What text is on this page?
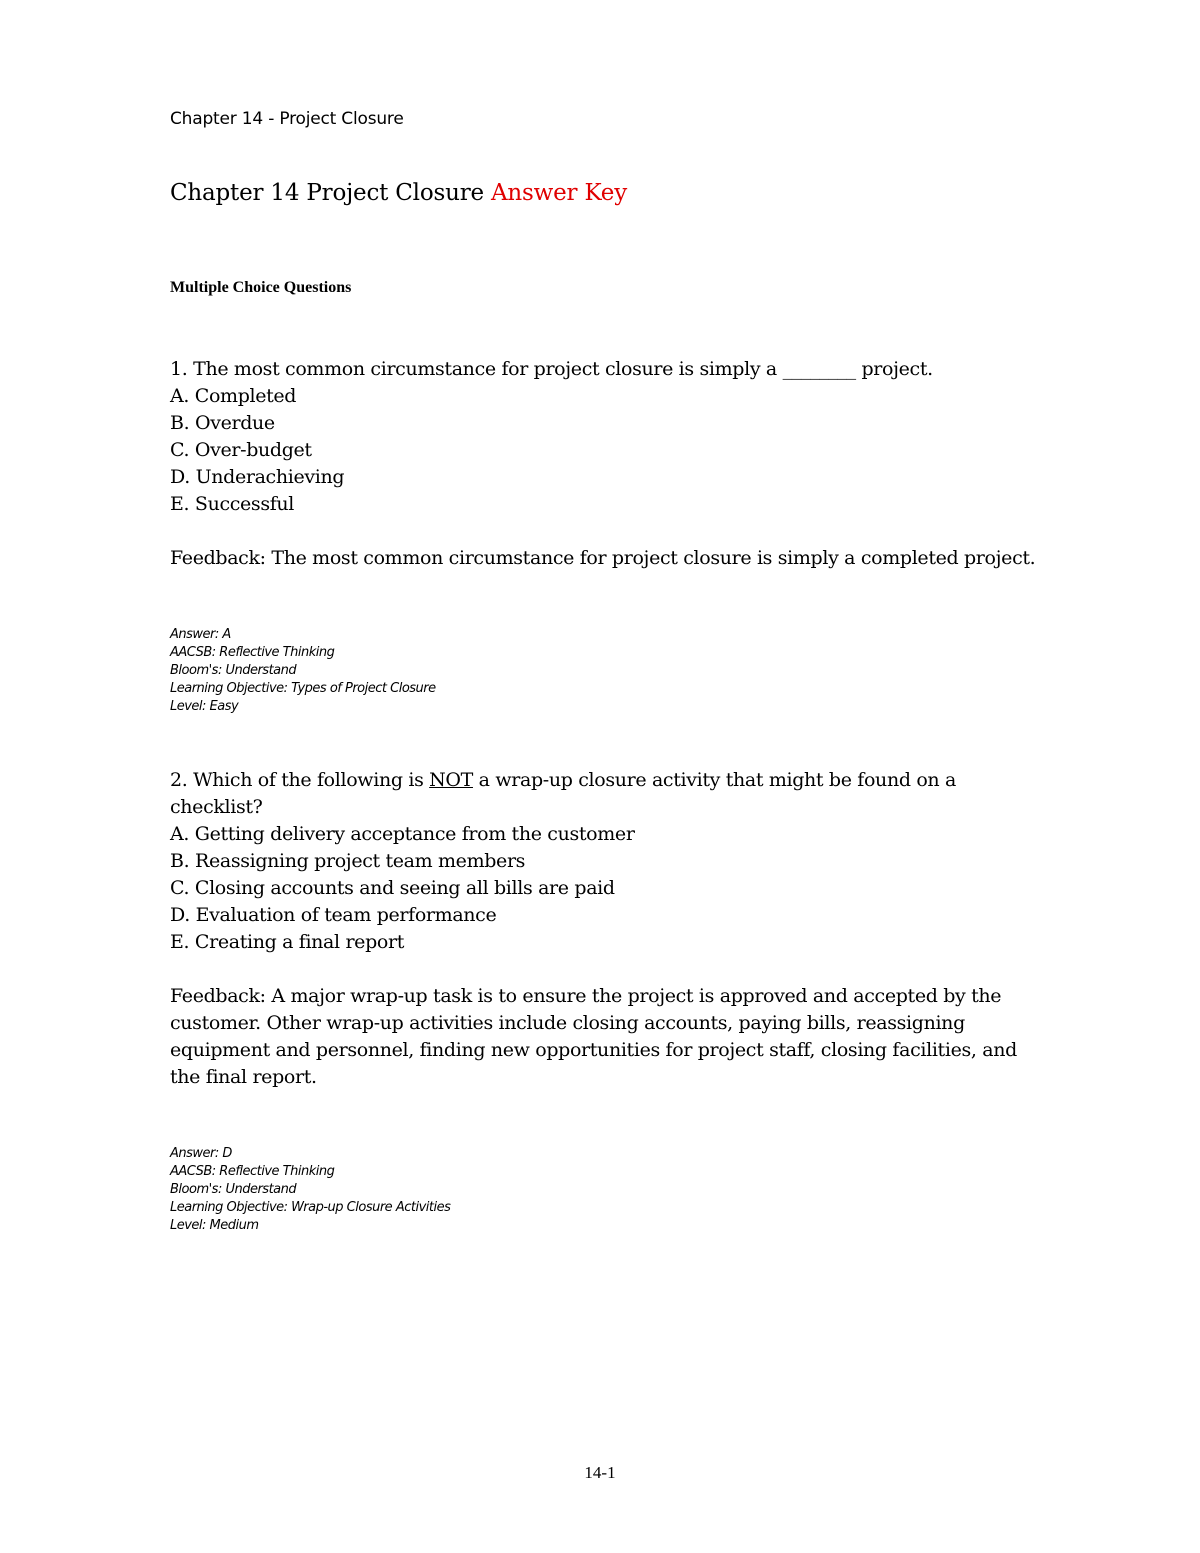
Chapter 14 - Project Closure
Chapter 14 Project Closure Answer Key
Multiple Choice Questions
1. The most common circumstance for project closure is simply a ________ project.
A. Completed
B. Overdue
C. Over-budget
D. Underachieving
E. Successful
Feedback: The most common circumstance for project closure is simply a completed project.
Answer: A
AACSB: Reflective Thinking
Bloom's: Understand
Learning Objective: Types of Project Closure
Level: Easy
2. Which of the following is NOT a wrap-up closure activity that might be found on a checklist?
A. Getting delivery acceptance from the customer
B. Reassigning project team members
C. Closing accounts and seeing all bills are paid
D. Evaluation of team performance
E. Creating a final report
Feedback: A major wrap-up task is to ensure the project is approved and accepted by the customer. Other wrap-up activities include closing accounts, paying bills, reassigning equipment and personnel, finding new opportunities for project staff, closing facilities, and the final report.
Answer: D
AACSB: Reflective Thinking
Bloom's: Understand
Learning Objective: Wrap-up Closure Activities
Level: Medium
14-1
